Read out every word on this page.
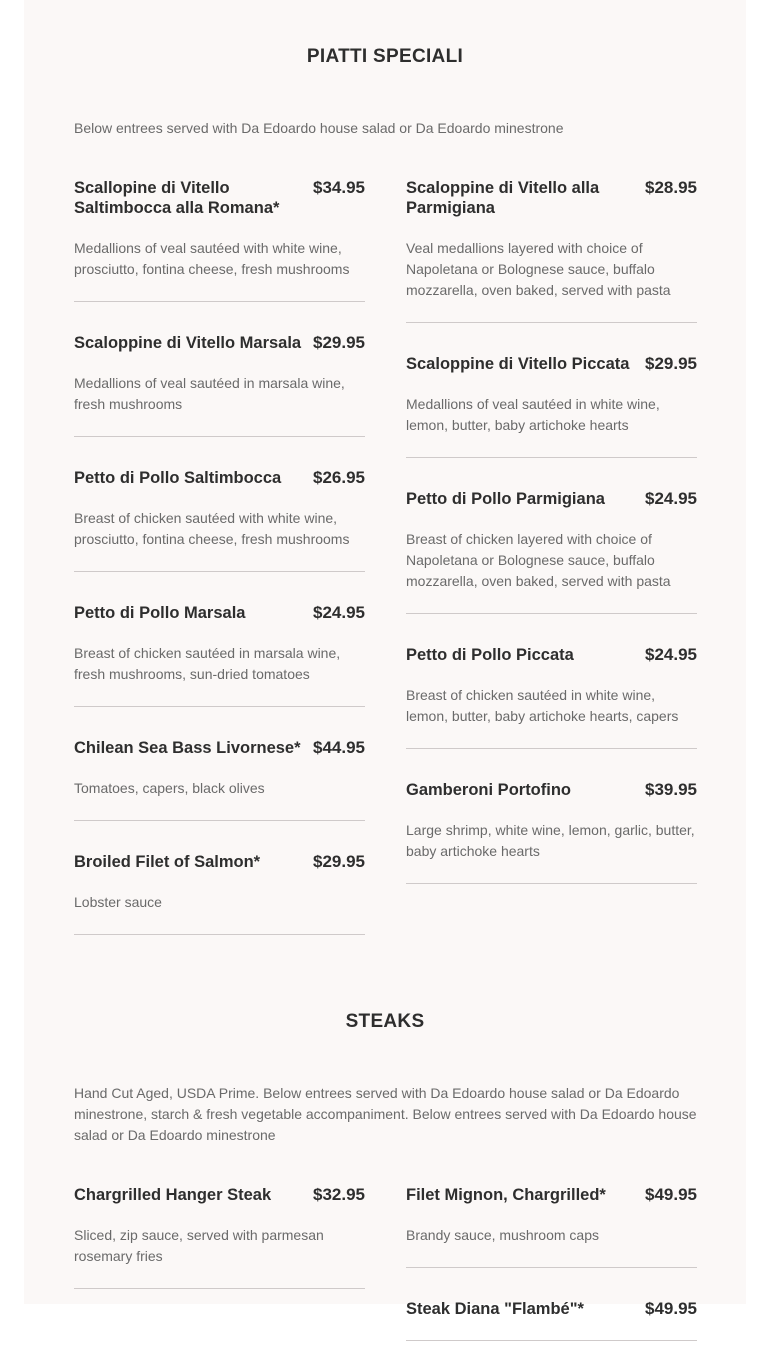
PIATTI SPECIALI
Below entrees served with Da Edoardo house salad or Da Edoardo minestrone
Scallopine di Vitello Saltimbocca alla Romana*
$34.95
Medallions of veal sautéed with white wine, prosciutto, fontina cheese, fresh mushrooms
Scaloppine di Vitello Marsala $29.95
Medallions of veal sautéed in marsala wine, fresh mushrooms
Petto di Pollo Saltimbocca	$26.95
Breast of chicken sautéed with white wine, prosciutto, fontina cheese, fresh mushrooms
Petto di Pollo Marsala	$24.95
Breast of chicken sautéed in marsala wine, fresh mushrooms, sun-dried tomatoes
Chilean Sea Bass Livornese* $44.95
Tomatoes, capers, black olives
Broiled Filet of Salmon*	$29.95
Lobster sauce
Scaloppine di Vitello alla Parmigiana
$28.95
Veal medallions layered with choice of Napoletana or Bolognese sauce, buffalo mozzarella, oven baked, served with pasta
Scaloppine di Vitello Piccata $29.95
Medallions of veal sautéed in white wine, lemon, butter, baby artichoke hearts
Petto di Pollo Parmigiana	$24.95
Breast of chicken layered with choice of Napoletana or Bolognese sauce, buffalo mozzarella, oven baked, served with pasta
Petto di Pollo Piccata	$24.95
Breast of chicken sautéed in white wine, lemon, butter, baby artichoke hearts, capers
Gamberoni Portofino	$39.95
Large shrimp, white wine, lemon, garlic, butter, baby artichoke hearts
STEAKS
Hand Cut Aged, USDA Prime. Below entrees served with Da Edoardo house salad or Da Edoardo minestrone, starch & fresh vegetable accompaniment. Below entrees served with Da Edoardo house salad or Da Edoardo minestrone
Chargrilled Hanger Steak	$32.95
Sliced, zip sauce, served with parmesan rosemary fries
Filet Mignon, Chargrilled*	$49.95
Brandy sauce, mushroom caps
Steak Diana "Flambé"*	$49.95
